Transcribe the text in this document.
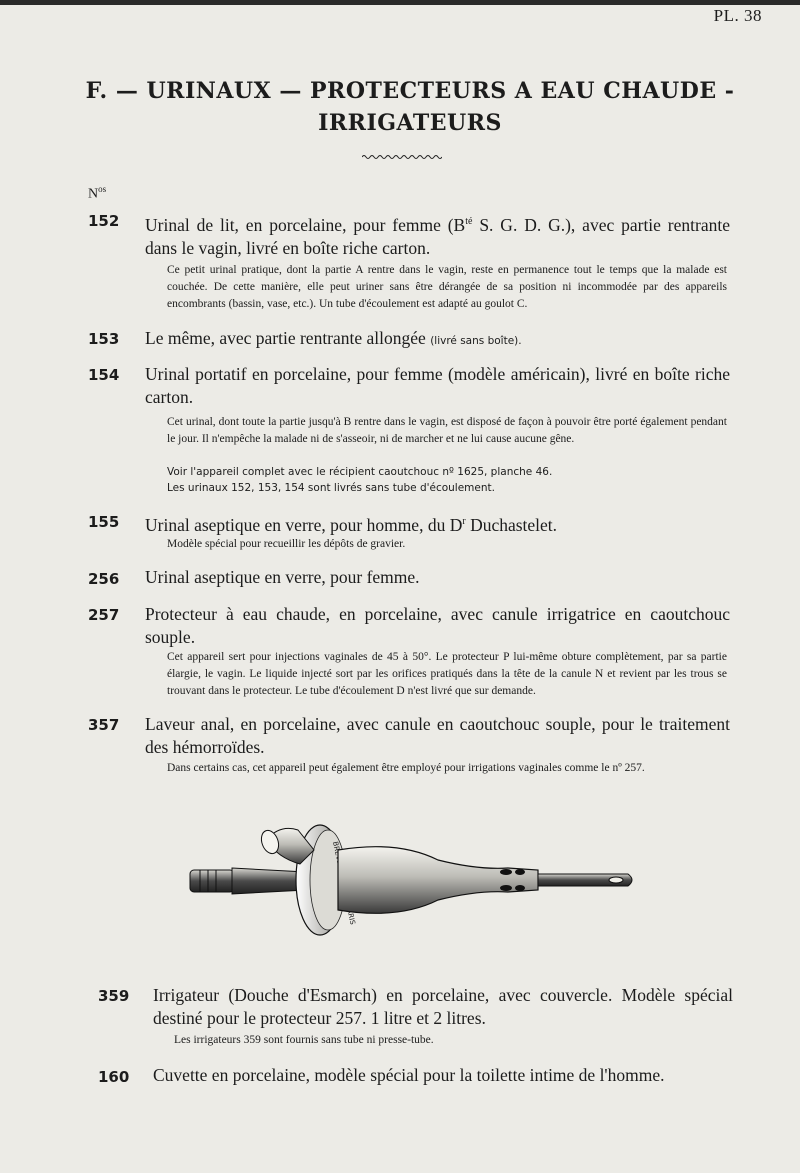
PL. 38
F. — URINAUX — PROTECTEURS A EAU CHAUDE -
IRRIGATEURS
$N^{os}$
152	Urinal de lit, en porcelaine, pour femme ($B^{té}$ S. G. D. G.), avec partie rentrante dans le vagin, livré en boîte riche carton.
Ce petit urinal pratique, dont la partie A rentre dans le vagin, reste en permanence tout le temps que la malade est couchée. De cette manière, elle peut uriner sans être dérangée de sa position ni incommodée par des appareils encombrants (bassin, vase, etc.). Un tube d'écoulement est adapté au goulot C.
153	Le même, avec partie rentrante allongée (livré sans boîte).
154	Urinal portatif en porcelaine, pour femme (modèle américain), livré en boîte riche carton.
Cet urinal, dont toute la partie jusqu'à B rentre dans le vagin, est disposé de façon à pouvoir être porté également pendant le jour. Il n'empêche la malade ni de s'asseoir, ni de marcher et ne lui cause aucune gêne.
Voir l'appareil complet avec le récipient caoutchouc nº 1625, planche 46.
Les urinaux 152, 153, 154 sont livrés sans tube d'écoulement.
155	Urinal aseptique en verre, pour homme, du $D^r$ Duchastelet.
Modèle spécial pour recueillir les dépôts de gravier.
256	Urinal aseptique en verre, pour femme.
257	Protecteur à eau chaude, en porcelaine, avec canule irrigatrice en caoutchouc souple.
Cet appareil sert pour injections vaginales de 45 à 50°. Le protecteur P lui-même obture complètement, par sa partie élargie, le vagin. Le liquide injecté sort par les orifices pratiqués dans la tête de la canule N et revient par les trous se trouvant dans le protecteur. Le tube d'écoulement D n'est livré que sur demande.
357	Laveur anal, en porcelaine, avec canule en caoutchouc souple, pour le traitement des hémorroïdes.
Dans certains cas, cet appareil peut également être employé pour irrigations vaginales comme le nº 257.
PARIS
359	Irrigateur (Douche d'Esmarch) en porcelaine, avec couvercle. Modèle spécial destiné pour le protecteur 257. 1 litre et 2 litres.
Les irrigateurs 359 sont fournis sans tube ni presse-tube.
160	Cuvette en porcelaine, modèle spécial pour la toilette intime de l'homme.
